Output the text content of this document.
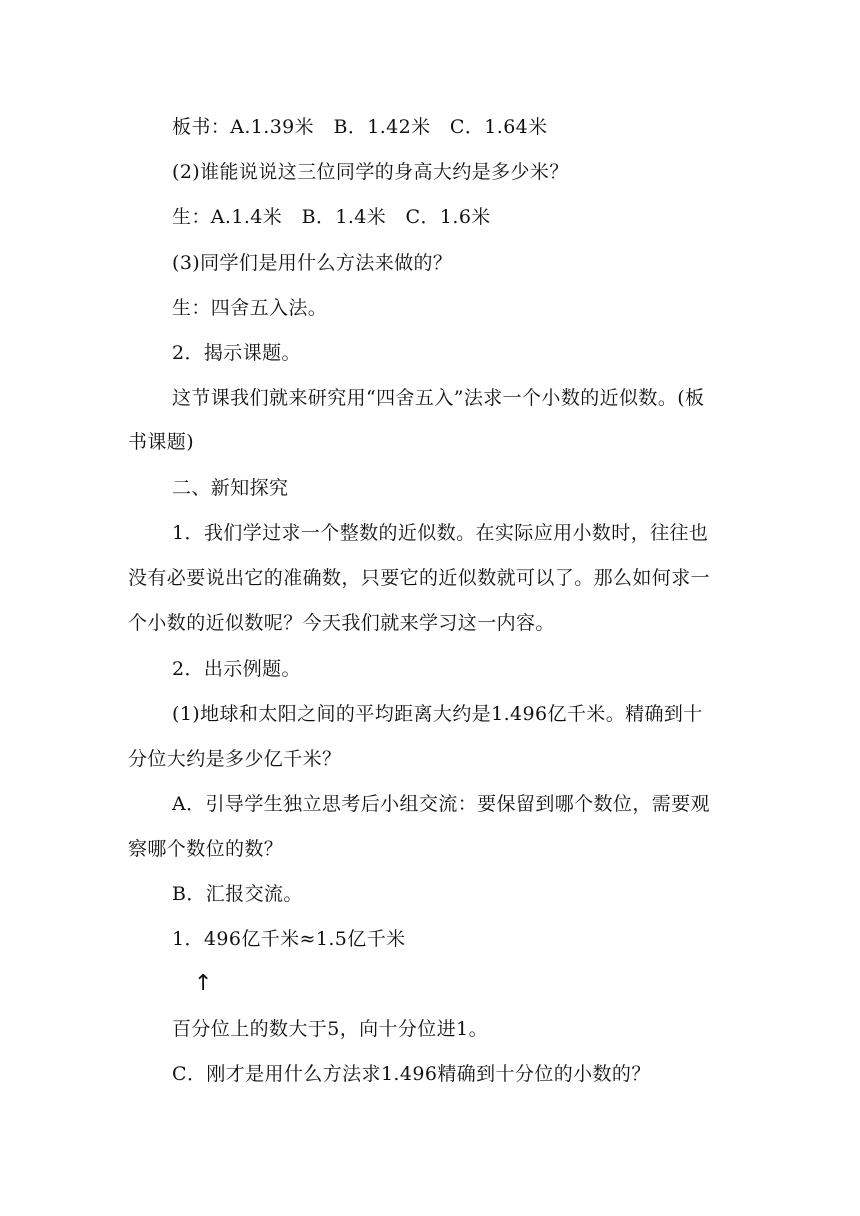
板书：A.1.39米　B．1.42米　C．1.64米
(2)谁能说说这三位同学的身高大约是多少米？
生：A.1.4米　B．1.4米　C．1.6米
(3)同学们是用什么方法来做的？
生：四舍五入法。
2．揭示课题。
这节课我们就来研究用“四舍五入”法求一个小数的近似数。(板
书课题)
二、新知探究
1．我们学过求一个整数的近似数。在实际应用小数时，往往也
没有必要说出它的准确数，只要它的近似数就可以了。那么如何求一
个小数的近似数呢？今天我们就来学习这一内容。
2．出示例题。
(1)地球和太阳之间的平均距离大约是1.496亿千米。精确到十
分位大约是多少亿千米？
A．引导学生独立思考后小组交流：要保留到哪个数位，需要观
察哪个数位的数？
B．汇报交流。
1．496亿千米≈1.5亿千米
↑
百分位上的数大于5，向十分位进1。
C．刚才是用什么方法求1.496精确到十分位的小数的？
